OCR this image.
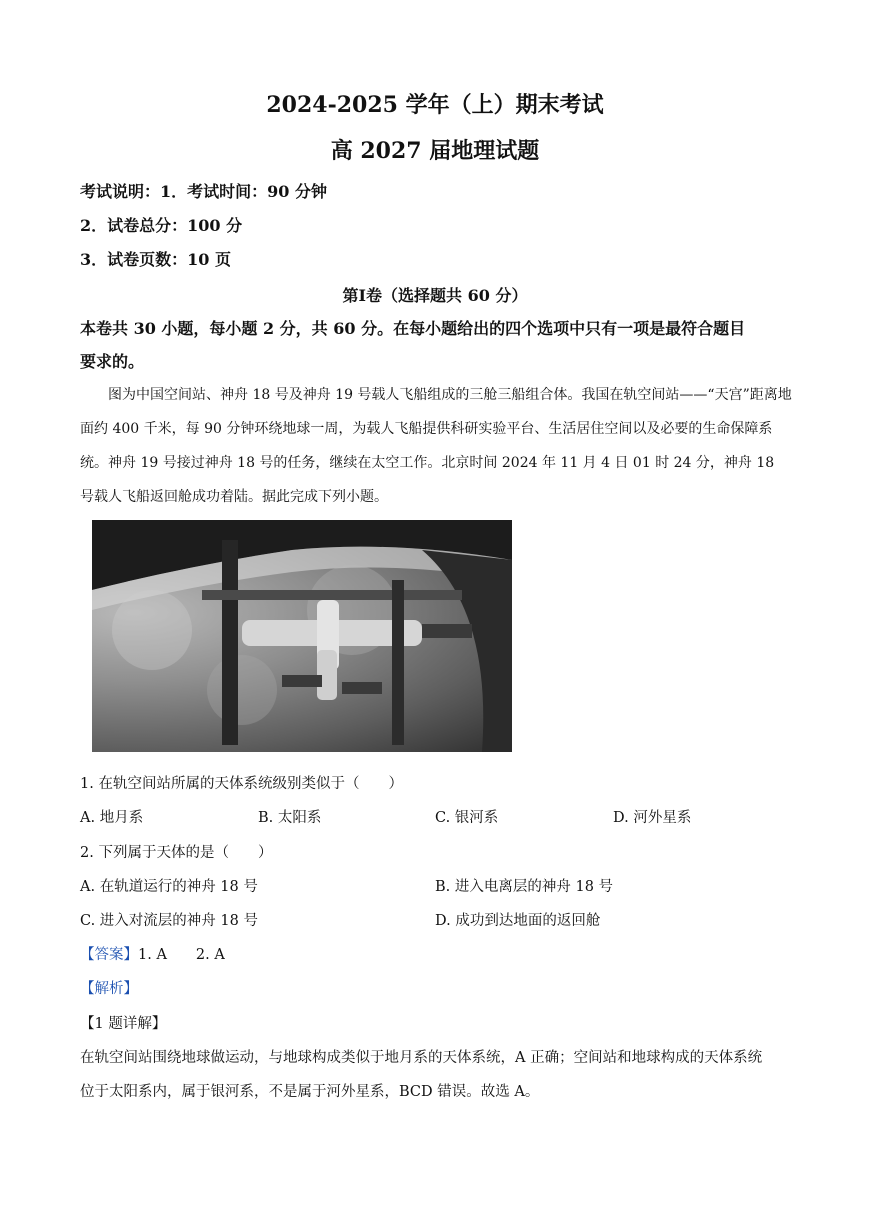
2024-2025 学年（上）期末考试
高 2027 届地理试题
考试说明：1．考试时间：90 分钟
2．试卷总分：100 分
3．试卷页数：10 页
第Ⅰ卷（选择题共 60 分）
本卷共 30 小题，每小题 2 分，共 60 分。在每小题给出的四个选项中只有一项是最符合题目
要求的。
图为中国空间站、神舟 18 号及神舟 19 号载人飞船组成的三舱三船组合体。我国在轨空间站——“天宫”距离地面约 400 千米，每 90 分钟环绕地球一周，为载人飞船提供科研实验平台、生活居住空间以及必要的生命保障系统。神舟 19 号接过神舟 18 号的任务，继续在太空工作。北京时间 2024 年 11 月 4 日 01 时 24 分，神舟 18 号载人飞船返回舱成功着陆。据此完成下列小题。
1. 在轨空间站所属的天体系统级别类似于（　　）
A. 地月系	B. 太阳系	C. 银河系	D. 河外星系
2. 下列属于天体的是（　　）
A. 在轨道运行的神舟 18 号	B. 进入电离层的神舟 18 号
C. 进入对流层的神舟 18 号	D. 成功到达地面的返回舱
【答案】1. A　　2. A
【解析】
【1 题详解】
在轨空间站围绕地球做运动，与地球构成类似于地月系的天体系统，A 正确；空间站和地球构成的天体系统
位于太阳系内，属于银河系，不是属于河外星系，BCD 错误。故选 A。
